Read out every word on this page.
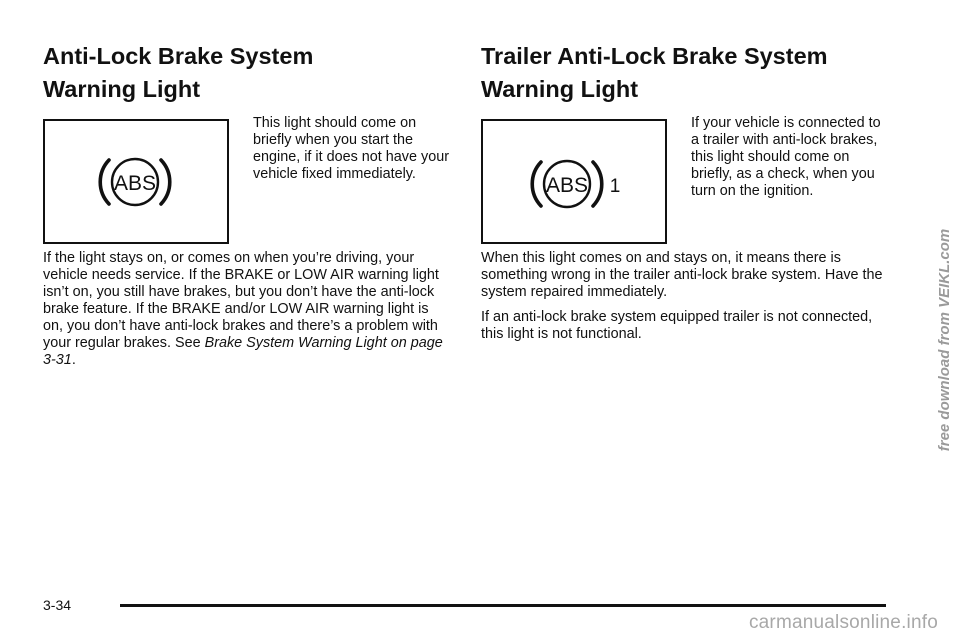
Anti-Lock Brake System
Warning Light
ABS

This light should come on briefly when you start the engine, if it does not have your vehicle fixed immediately.

If the light stays on, or comes on when you’re driving, your vehicle needs service. If the BRAKE or LOW AIR warning light isn’t on, you still have brakes, but you don’t have the anti-lock brake feature. If the BRAKE and/or LOW AIR warning light is on, you don’t have anti-lock brakes and there’s a problem with your regular brakes. See Brake System Warning Light on page 3-31.

Trailer Anti-Lock Brake System
Warning Light
ABS 1

If your vehicle is connected to a trailer with anti-lock brakes, this light should come on briefly, as a check, when you turn on the ignition.

When this light comes on and stays on, it means there is something wrong in the trailer anti-lock brake system. Have the system repaired immediately.

If an anti-lock brake system equipped trailer is not connected, this light is not functional.

3-34
free download from VEIKL.com
carmanualsonline.info
